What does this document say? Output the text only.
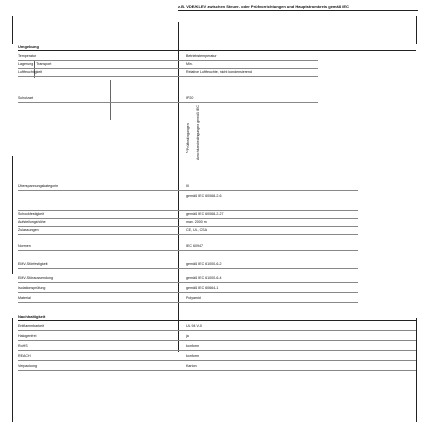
z.B. VDE/KLEV zwischen Steuer- oder Prüfvorrichtungen und Hauptstromkreis gemäß IEC
Umgebung
Anschlussbedingungen gemäß IEC
Prüfbedingungen
Temperatur	Betriebstemperatur
Lagerung / Transport	Min.
Luftfeuchtigkeit	Relative Luftfeuchte, nicht kondensierend
Schutzart	IP20
2
Überspannungskategorie	III
gemäß IEC 60068-2-6
Schockfestigkeit	gemäß IEC 60068-2-27
Aufstellungshöhe	max. 2000 m
Zulassungen	CE, UL, CSA
Normen	IEC 60947
EMV-Störfestigkeit	gemäß IEC 61000-6-2
EMV-Störaussendung	gemäß IEC 61000-6-4
Isolationsprüfung	gemäß IEC 60664-1
Material	Polyamid
Nachhaltigkeit
Entflammbarkeit	UL 94 V-0
Halogenfrei	ja
RoHS	konform
REACH	konform
Verpackung	Karton
